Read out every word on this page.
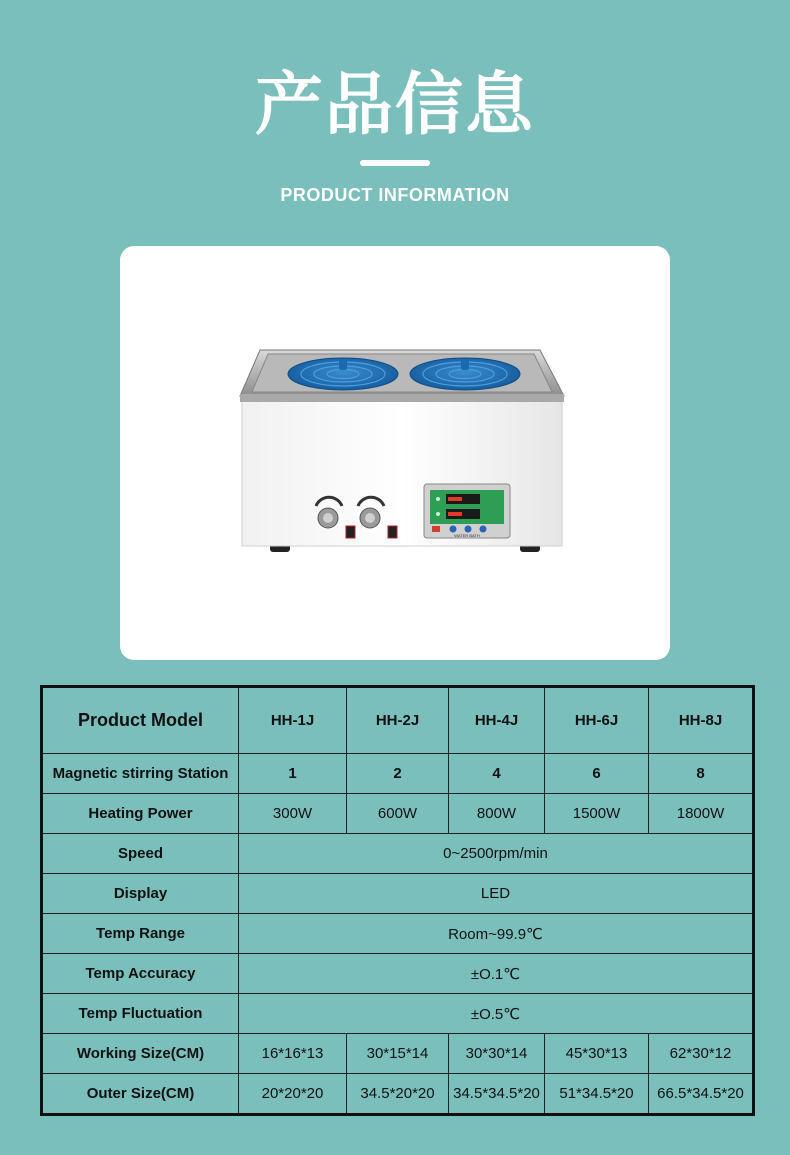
产品信息
PRODUCT INFORMATION
WATER BATH
Product Model	HH-1J	HH-2J	HH-4J	HH-6J	HH-8J
Magnetic stirring Station	1	2	4	6	8
Heating Power	300W	600W	800W	1500W	1800W
Speed	0~2500rpm/min				
Display	LED				
Temp Range	Room~99.9℃				
Temp Accuracy	±O.1℃				
Temp Fluctuation	±O.5℃				
Working Size(CM)	16*16*13	30*15*14	30*30*14	45*30*13	62*30*12
Outer Size(CM)	20*20*20	34.5*20*20	34.5*34.5*20	51*34.5*20	66.5*34.5*20
